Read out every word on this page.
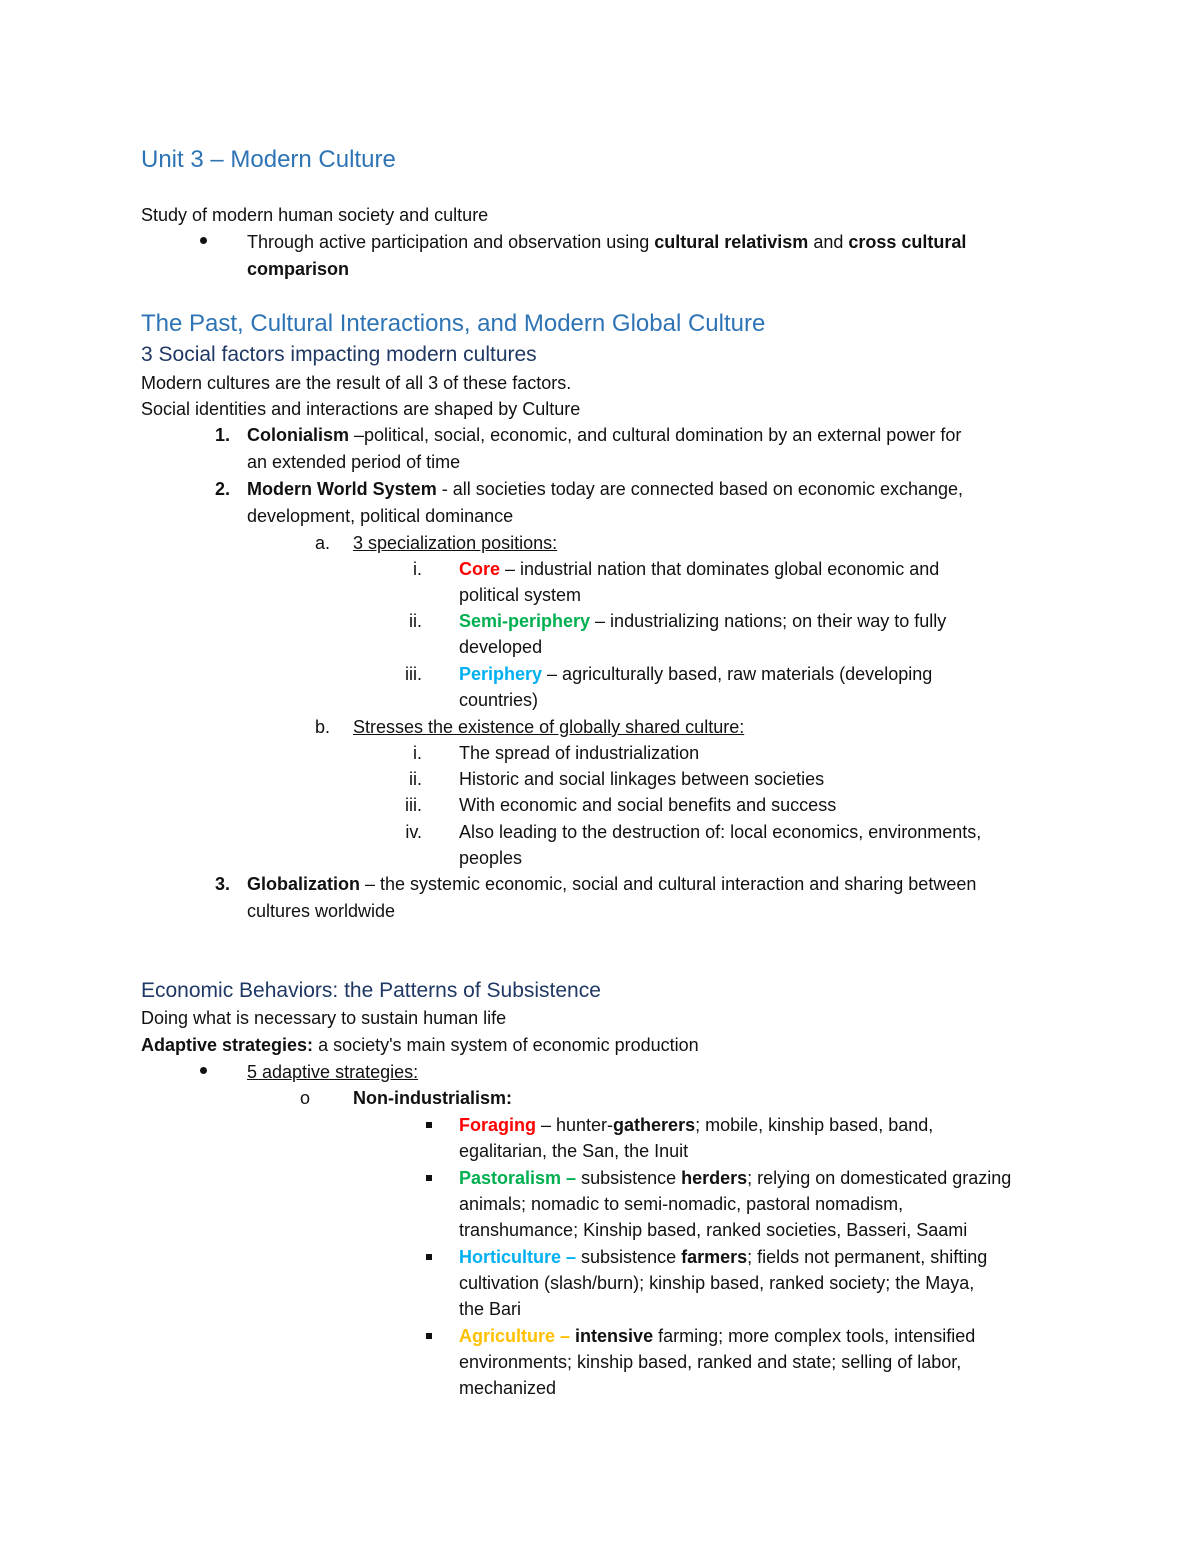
Unit 3 – Modern Culture
Study of modern human society and culture
Through active participation and observation using cultural relativism and cross cultural
comparison
The Past, Cultural Interactions, and Modern Global Culture
3 Social factors impacting modern cultures
Modern cultures are the result of all 3 of these factors.
Social identities and interactions are shaped by Culture
1. Colonialism –political, social, economic, and cultural domination by an external power for
an extended period of time
2. Modern World System - all societies today are connected based on economic exchange,
development, political dominance
a. 3 specialization positions:
i. Core – industrial nation that dominates global economic and
political system
ii. Semi-periphery – industrializing nations; on their way to fully
developed
iii. Periphery – agriculturally based, raw materials (developing
countries)
b. Stresses the existence of globally shared culture:
i. The spread of industrialization
ii. Historic and social linkages between societies
iii. With economic and social benefits and success
iv. Also leading to the destruction of: local economics, environments,
peoples
3. Globalization – the systemic economic, social and cultural interaction and sharing between
cultures worldwide
Economic Behaviors: the Patterns of Subsistence
Doing what is necessary to sustain human life
Adaptive strategies: a society's main system of economic production
5 adaptive strategies:
o	Non-industrialism:
Foraging – hunter-gatherers; mobile, kinship based, band,
egalitarian, the San, the Inuit
Pastoralism – subsistence herders; relying on domesticated grazing
animals; nomadic to semi-nomadic, pastoral nomadism,
transhumance; Kinship based, ranked societies, Basseri, Saami
Horticulture – subsistence farmers; fields not permanent, shifting
cultivation (slash/burn); kinship based, ranked society; the Maya,
the Bari
Agriculture – intensive farming; more complex tools, intensified
environments; kinship based, ranked and state; selling of labor,
mechanized
